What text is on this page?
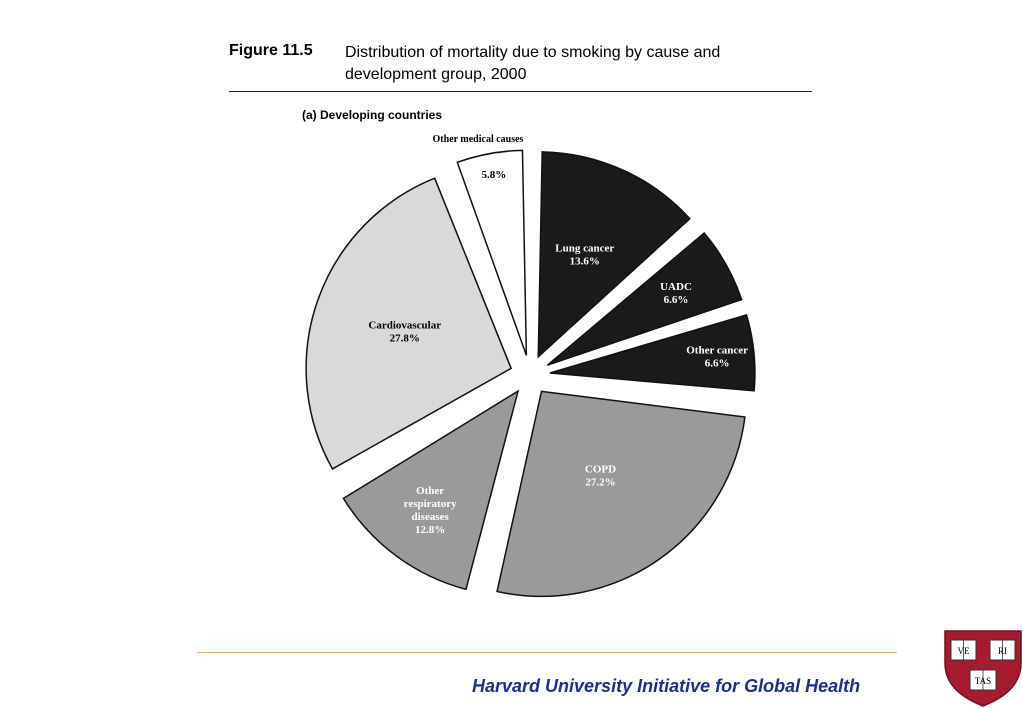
Figure 11.5 Distribution of mortality due to smoking by cause and development group, 2000
(a) Developing countries
Lung cancer 13.6%
UADC 6.6%
Other cancer 6.6%
COPD 27.2%
Other respiratory diseases 12.8%
Cardiovascular 27.8%
Other medical causes
5.8%
Harvard University Initiative for Global Health
VE	RI
TAS
